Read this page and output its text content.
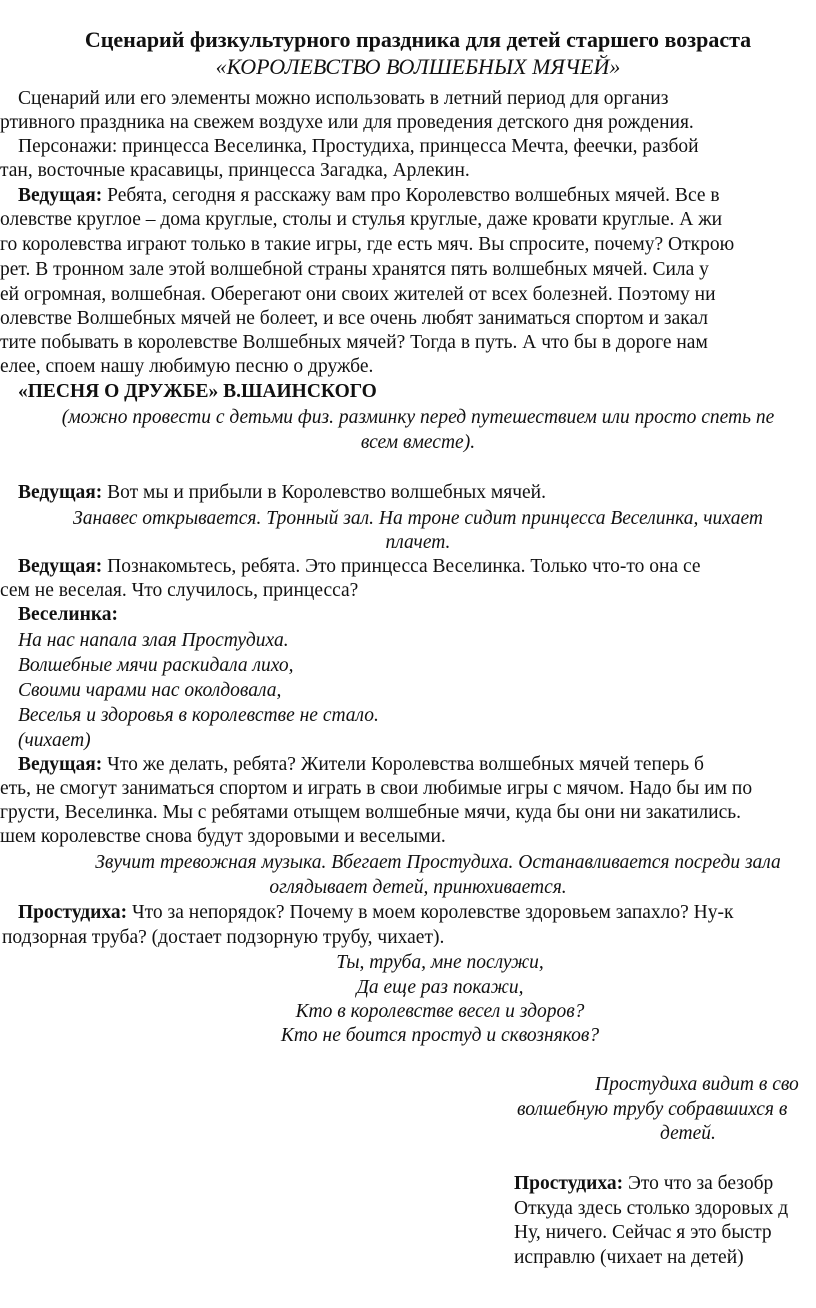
Сценарий физкультурного праздника для детей старшего возраста
«КОРОЛЕВСТВО ВОЛШЕБНЫХ МЯЧЕЙ»
Сценарий или его элементы можно использовать в летний период для организ
ртивного праздника на свежем воздухе или для проведения детского дня рождения.
Персонажи: принцесса Веселинка, Простудиха, принцесса Мечта, феечки, разбой
тан, восточные красавицы, принцесса Загадка, Арлекин.
Ведущая: Ребята, сегодня я расскажу вам про Королевство волшебных мячей. Все в
олевстве круглое – дома круглые, столы и стулья круглые, даже кровати круглые. А жи
го королевства играют только в такие игры, где есть мяч. Вы спросите, почему? Открою
рет. В тронном зале этой волшебной страны хранятся пять волшебных мячей. Сила у
ей огромная, волшебная. Оберегают они своих жителей от всех болезней. Поэтому ни
олевстве Волшебных мячей не болеет, и все очень любят заниматься спортом и закал
тите побывать в королевстве Волшебных мячей? Тогда в путь. А что бы в дороге нам
елее, споем нашу любимую песню о дружбе.
«ПЕСНЯ О ДРУЖБЕ» В.ШАИНСКОГО
(можно провести с детьми физ. разминку перед путешествием или просто спеть пе
всем вместе).
Ведущая: Вот мы и прибыли в Королевство волшебных мячей.
Занавес открывается. Тронный зал. На троне сидит принцесса Веселинка, чихает
плачет.
Ведущая: Познакомьтесь, ребята. Это принцесса Веселинка. Только что-то она се
сем не веселая. Что случилось, принцесса?
Веселинка:
На нас напала злая Простудиха.
Волшебные мячи раскидала лихо,
Своими чарами нас околдовала,
Веселья и здоровья в королевстве не стало.
(чихает)
Ведущая: Что же делать, ребята? Жители Королевства волшебных мячей теперь б
еть, не смогут заниматься спортом и играть в свои любимые игры с мячом. Надо бы им по
грусти, Веселинка. Мы с ребятами отыщем волшебные мячи, куда бы они ни закатились.
шем королевстве снова будут здоровыми и веселыми.
Звучит тревожная музыка. Вбегает Простудиха. Останавливается посреди зала
оглядывает детей, принюхивается.
Простудиха: Что за непорядок? Почему в моем королевстве здоровьем запахло? Ну-к
подзорная труба? (достает подзорную трубу, чихает).
Ты, труба, мне послужи,
Да еще раз покажи,
Кто в королевстве весел и здоров?
Кто не боится простуд и сквозняков?
Простудиха видит в сво
волшебную трубу собравшихся в
детей.
Простудиха: Это что за безобр
Откуда здесь столько здоровых д
Ну, ничего. Сейчас я это быстр
исправлю (чихает на детей)
